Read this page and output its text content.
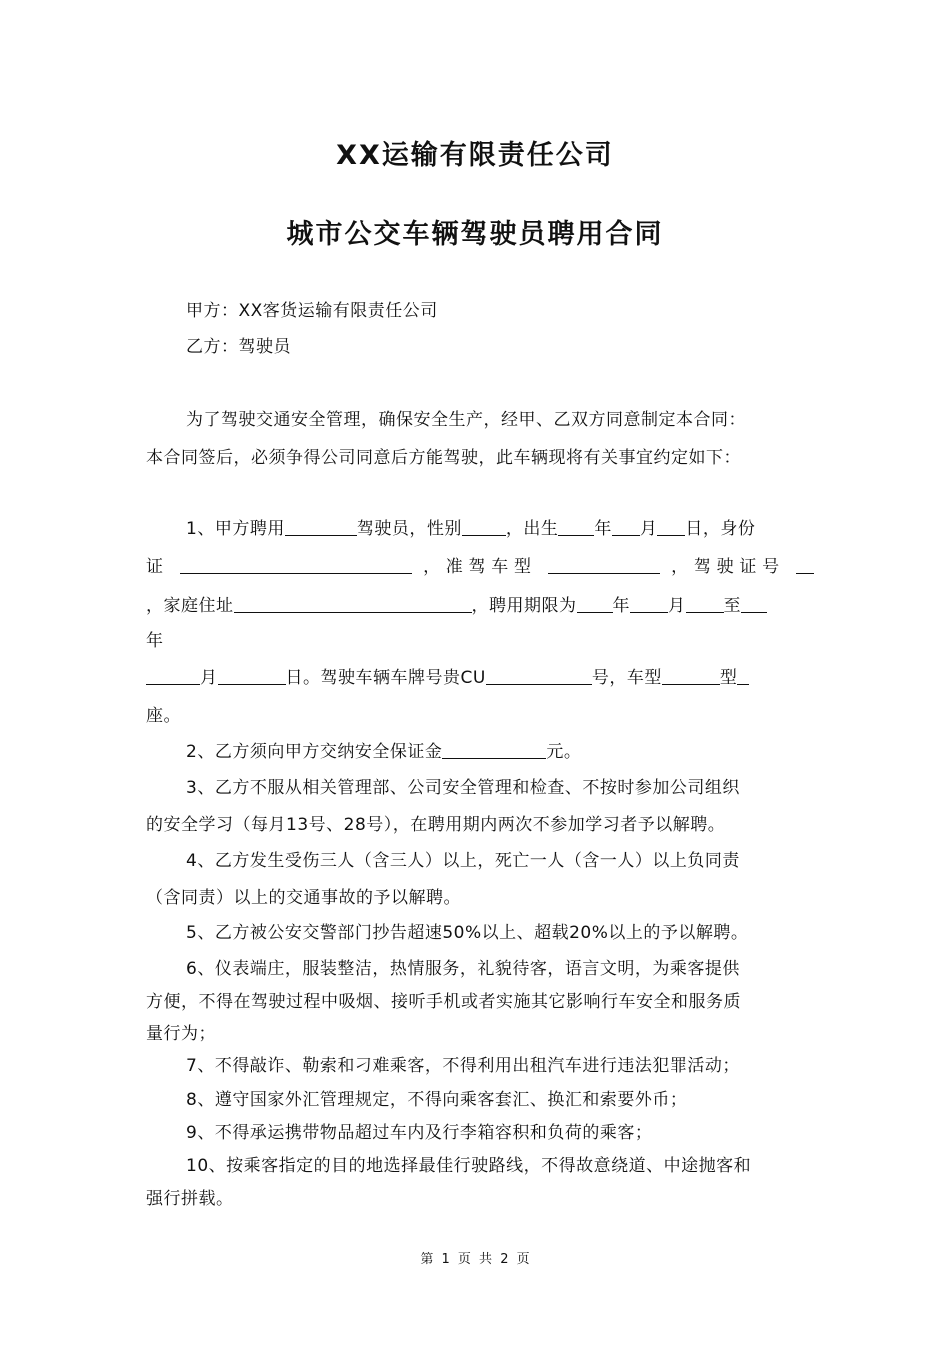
XX运输有限责任公司
城市公交车辆驾驶员聘用合同
甲方：XX客货运输有限责任公司
乙方：驾驶员
为了驾驶交通安全管理，确保安全生产，经甲、乙双方同意制定本合同：
本合同签后，必须争得公司同意后方能驾驶，此车辆现将有关事宜约定如下：
1、甲方聘用	驾驶员，性别	，出生 年 月 日，身份
证	，准驾车型	，驾驶证号
，家庭住址	，聘用期限为 年 月 至
年
月	日。驾驶车辆车牌号贵CU	号，车型	型
座。
2、乙方须向甲方交纳安全保证金	元。
3、乙方不服从相关管理部、公司安全管理和检查、不按时参加公司组织
的安全学习（每月13号、28号），在聘用期内两次不参加学习者予以解聘。
4、乙方发生受伤三人（含三人）以上，死亡一人（含一人）以上负同责
（含同责）以上的交通事故的予以解聘。
5、乙方被公安交警部门抄告超速50%以上、超载20%以上的予以解聘。
6、仪表端庄，服装整洁，热情服务，礼貌待客，语言文明，为乘客提供
方便，不得在驾驶过程中吸烟、接听手机或者实施其它影响行车安全和服务质
量行为；
7、不得敲诈、勒索和刁难乘客，不得利用出租汽车进行违法犯罪活动；
8、遵守国家外汇管理规定，不得向乘客套汇、换汇和索要外币；
9、不得承运携带物品超过车内及行李箱容积和负荷的乘客；
10、按乘客指定的目的地选择最佳行驶路线，不得故意绕道、中途抛客和
强行拼载。
第 1 页 共 2 页
